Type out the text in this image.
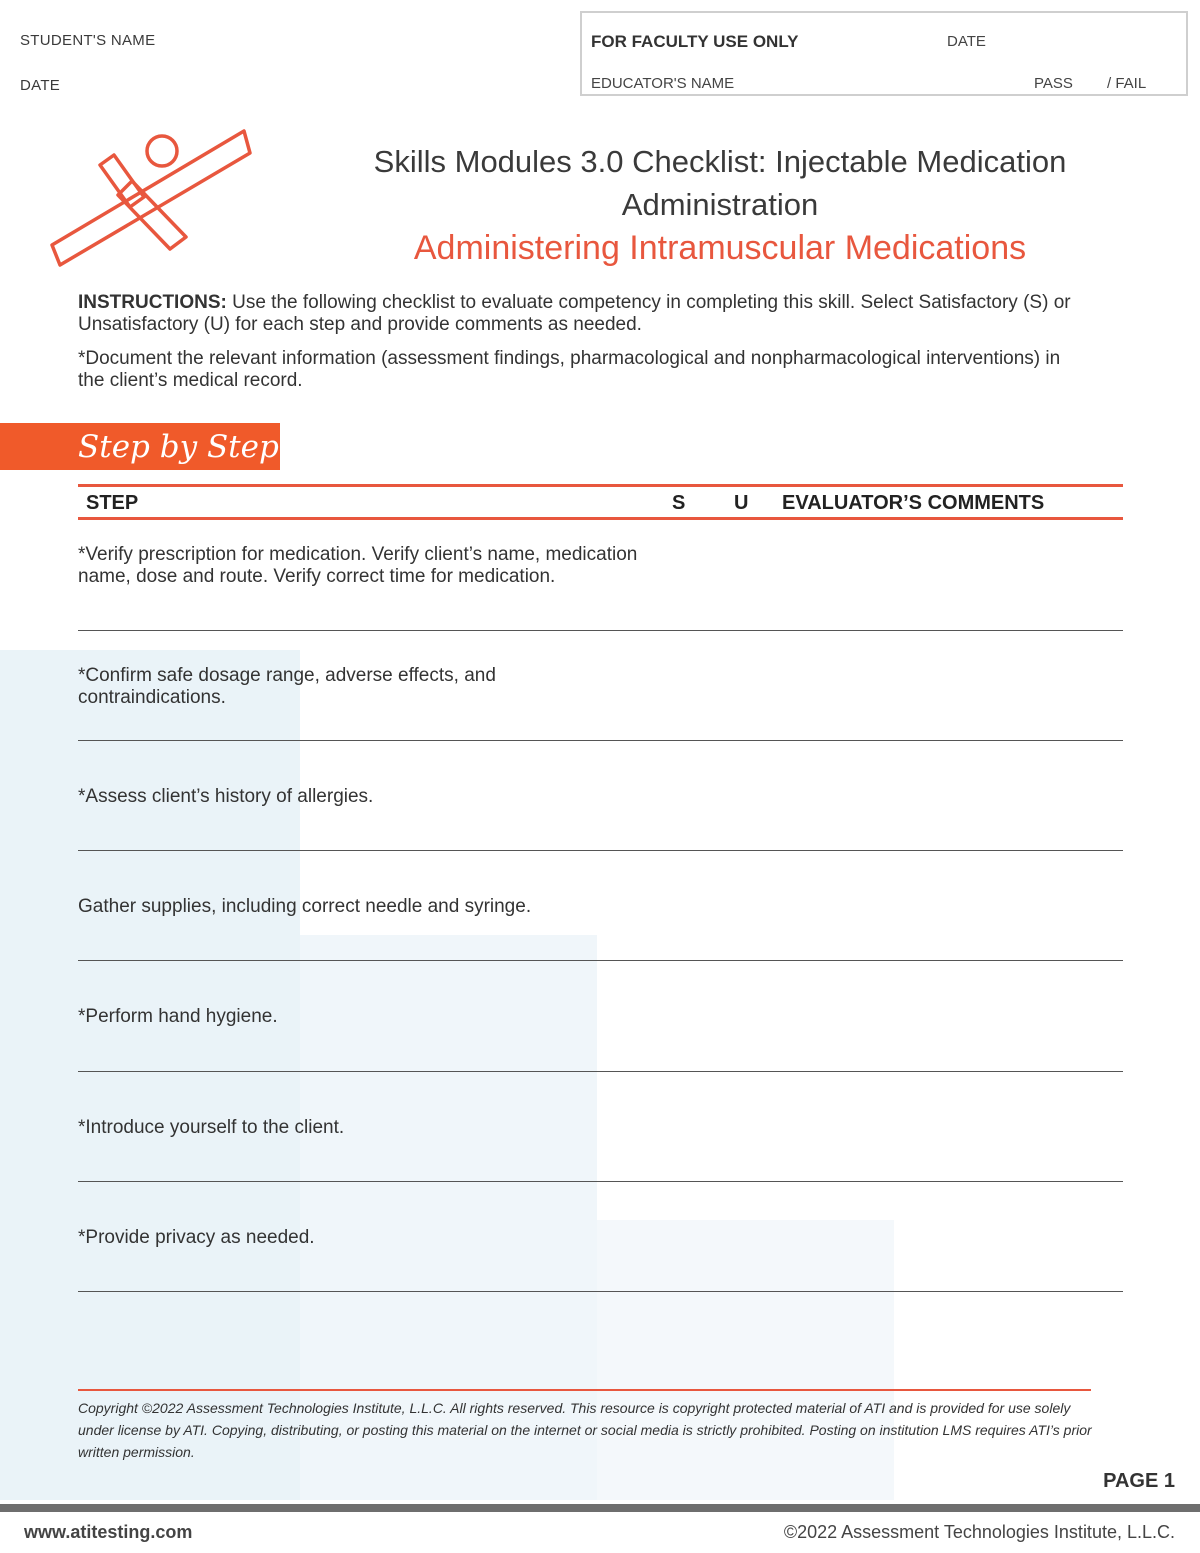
STUDENT'S NAME
DATE
FOR FACULTY USE ONLY	DATE
EDUCATOR'S NAME	PASS / FAIL
Skills Modules 3.0 Checklist: Injectable Medication Administration
Administering Intramuscular Medications

INSTRUCTIONS: Use the following checklist to evaluate competency in completing this skill. Select Satisfactory (S) or Unsatisfactory (U) for each step and provide comments as needed.

*Document the relevant information (assessment findings, pharmacological and nonpharmacological interventions) in the client’s medical record.

Step by Step
STEP	S U EVALUATOR’S COMMENTS
*Verify prescription for medication. Verify client’s name, medication name, dose and route. Verify correct time for medication.
*Confirm safe dosage range, adverse effects, and contraindications.
*Assess client’s history of allergies.
Gather supplies, including correct needle and syringe.
*Perform hand hygiene.
*Introduce yourself to the client.
*Provide privacy as needed.
Copyright ©2022 Assessment Technologies Institute, L.L.C. All rights reserved. This resource is copyright protected material of ATI and is provided for use solely under license by ATI. Copying, distributing, or posting this material on the internet or social media is strictly prohibited. Posting on institution LMS requires ATI’s prior written permission.
PAGE 1
www.atitesting.com	©2022 Assessment Technologies Institute, L.L.C.
